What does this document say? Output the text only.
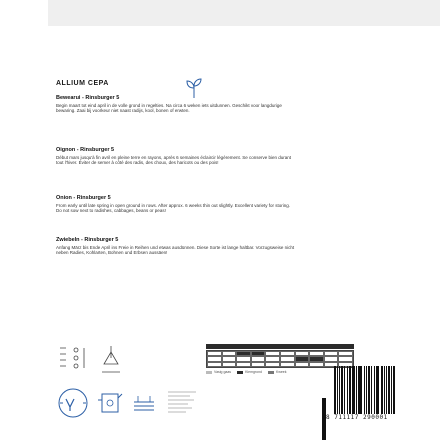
ALLIUM CEPA
Bewearui - Rinsburger 5
Begin maart tot eind april in de volle grond in regelties. Na circa 6 weken iets uitdunnen. Geschikt voor langdurige bewaring. Zaai bij voorkeur niet naast radijs, kool, bonen of erwten.
Oignon - Rinsburger 5
Début mars jusqu'à fin avril en pleine terre en rayons, après 6 semaines éclaircir légèrement. Se conserve bien durant tout l'hiver. Éviter de semer à côté des radis, des choux, des haricots ou des pois!
Onion - Rinsburger 5
From early until late spring in open ground in rows. After approx. 6 weeks thin out slightly. Excellent variety for storing. Do not sow next to radishes, cabbages, beans or peas!
Zwiebeln - Rinsburger 5
Anfang März bis Ende April ins Freie in Reihen und etwas ausdünnen. Diese Sorte ist lange haltbar. Vorzugsweise nicht neben Radies, Kohlarten, Bohnen und Erbsen aussäen!
Vasig gaas	Kiemgrond	Kweek
8 711117 290001
